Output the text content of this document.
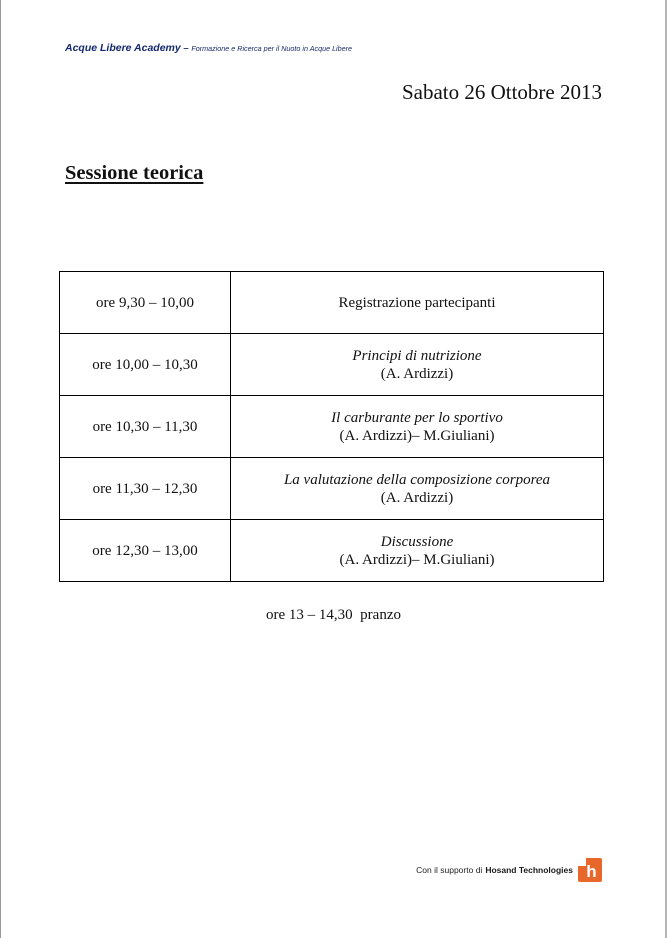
Acque Libere Academy – Formazione e Ricerca per il Nuoto in Acque Libere
Sabato 26 Ottobre 2013
Sessione teorica
ore 9,30 – 10,00	Registrazione partecipanti

ore 10,00 – 10,30	Principi di nutrizione
(A. Ardizzi)

ore 10,30 – 11,30	Il carburante per lo sportivo
(A. Ardizzi)– M.Giuliani)

ore 11,30 – 12,30	La valutazione della composizione corporea
(A. Ardizzi)

ore 12,30 – 13,00	Discussione
(A. Ardizzi)– M.Giuliani)
ore 13 – 14,30  pranzo
Con il supporto di Hosand Technologies h
